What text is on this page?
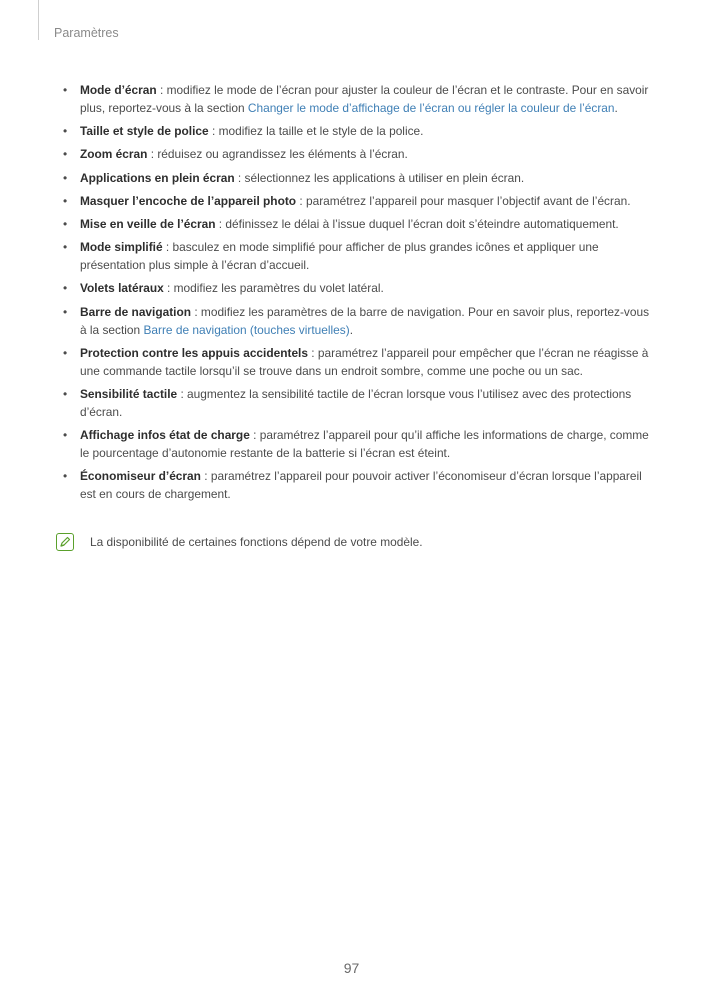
Paramètres
• Mode d’écran : modifiez le mode de l’écran pour ajuster la couleur de l’écran et le contraste. Pour en savoir plus, reportez-vous à la section Changer le mode d’affichage de l’écran ou régler la couleur de l’écran.
• Taille et style de police : modifiez la taille et le style de la police.
• Zoom écran : réduisez ou agrandissez les éléments à l’écran.
• Applications en plein écran : sélectionnez les applications à utiliser en plein écran.
• Masquer l’encoche de l’appareil photo : paramétrez l’appareil pour masquer l’objectif avant de l’écran.
• Mise en veille de l’écran : définissez le délai à l’issue duquel l’écran doit s’éteindre automatiquement.
• Mode simplifié : basculez en mode simplifié pour afficher de plus grandes icônes et appliquer une présentation plus simple à l’écran d’accueil.
• Volets latéraux : modifiez les paramètres du volet latéral.
• Barre de navigation : modifiez les paramètres de la barre de navigation. Pour en savoir plus, reportez-vous à la section Barre de navigation (touches virtuelles).
• Protection contre les appuis accidentels : paramétrez l’appareil pour empêcher que l’écran ne réagisse à une commande tactile lorsqu’il se trouve dans un endroit sombre, comme une poche ou un sac.
• Sensibilité tactile : augmentez la sensibilité tactile de l’écran lorsque vous l’utilisez avec des protections d’écran.
• Affichage infos état de charge : paramétrez l’appareil pour qu’il affiche les informations de charge, comme le pourcentage d’autonomie restante de la batterie si l’écran est éteint.
• Économiseur d’écran : paramétrez l’appareil pour pouvoir activer l’économiseur d’écran lorsque l’appareil est en cours de chargement.
La disponibilité de certaines fonctions dépend de votre modèle.
97
